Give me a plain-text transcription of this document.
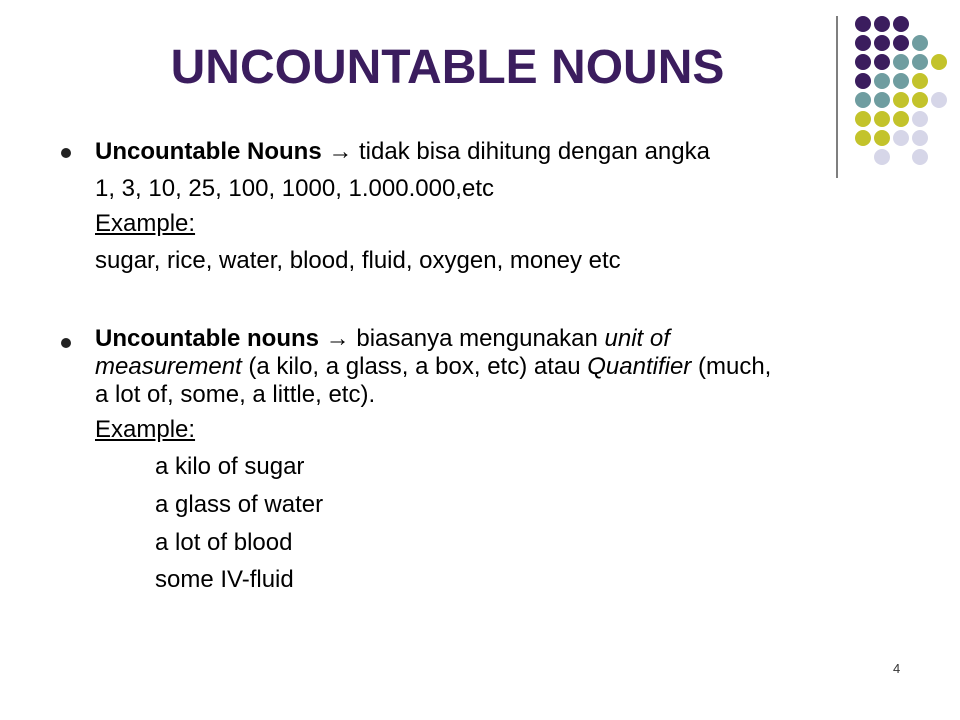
UNCOUNTABLE NOUNS
Uncountable Nouns → tidak bisa dihitung dengan angka
1, 3, 10, 25, 100, 1000, 1.000.000,etc
Example:
sugar, rice, water, blood, fluid, oxygen, money etc
Uncountable nouns → biasanya mengunakan unit of
measurement (a kilo, a glass, a box, etc) atau Quantifier (much,
a lot of, some, a little, etc).
Example:
a kilo of sugar
a glass of water
a lot of blood
some IV-fluid
4
